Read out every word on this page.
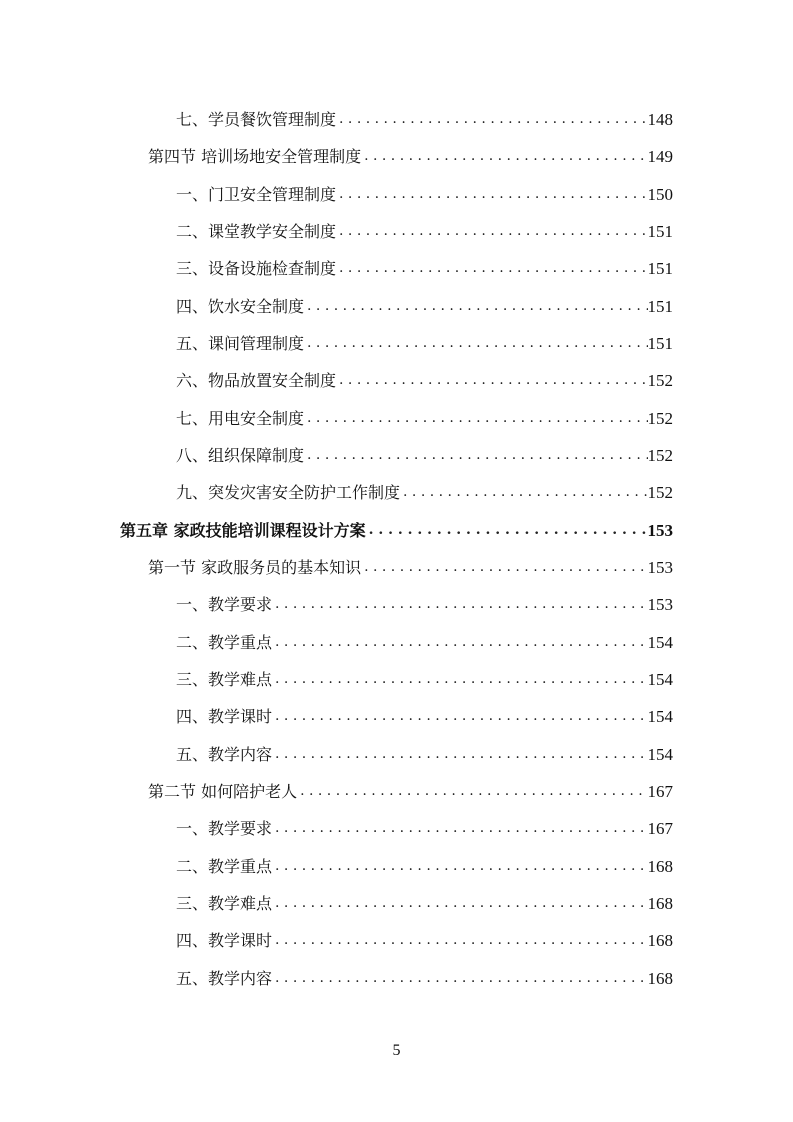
七、学员餐饮管理制度 . . .	148
第四节 培训场地安全管理制度 . . .	149
一、门卫安全管理制度 . . .	150
二、课堂教学安全制度 . . .	151
三、设备设施检查制度 . . .	151
四、饮水安全制度 . . .	151
五、课间管理制度 . . .	151
六、物品放置安全制度 . . .	152
七、用电安全制度 . . .	152
八、组织保障制度 . . .	152
九、突发灾害安全防护工作制度 . . .	152
第五章 家政技能培训课程设计方案 . . .	153
第一节 家政服务员的基本知识 . . .	153
一、教学要求 . . .	153
二、教学重点 . . .	154
三、教学难点 . . .	154
四、教学课时 . . .	154
五、教学内容 . . .	154
第二节 如何陪护老人 . . .	167
一、教学要求 . . .	167
二、教学重点 . . .	168
三、教学难点 . . .	168
四、教学课时 . . .	168
五、教学内容 . . .	168
5
